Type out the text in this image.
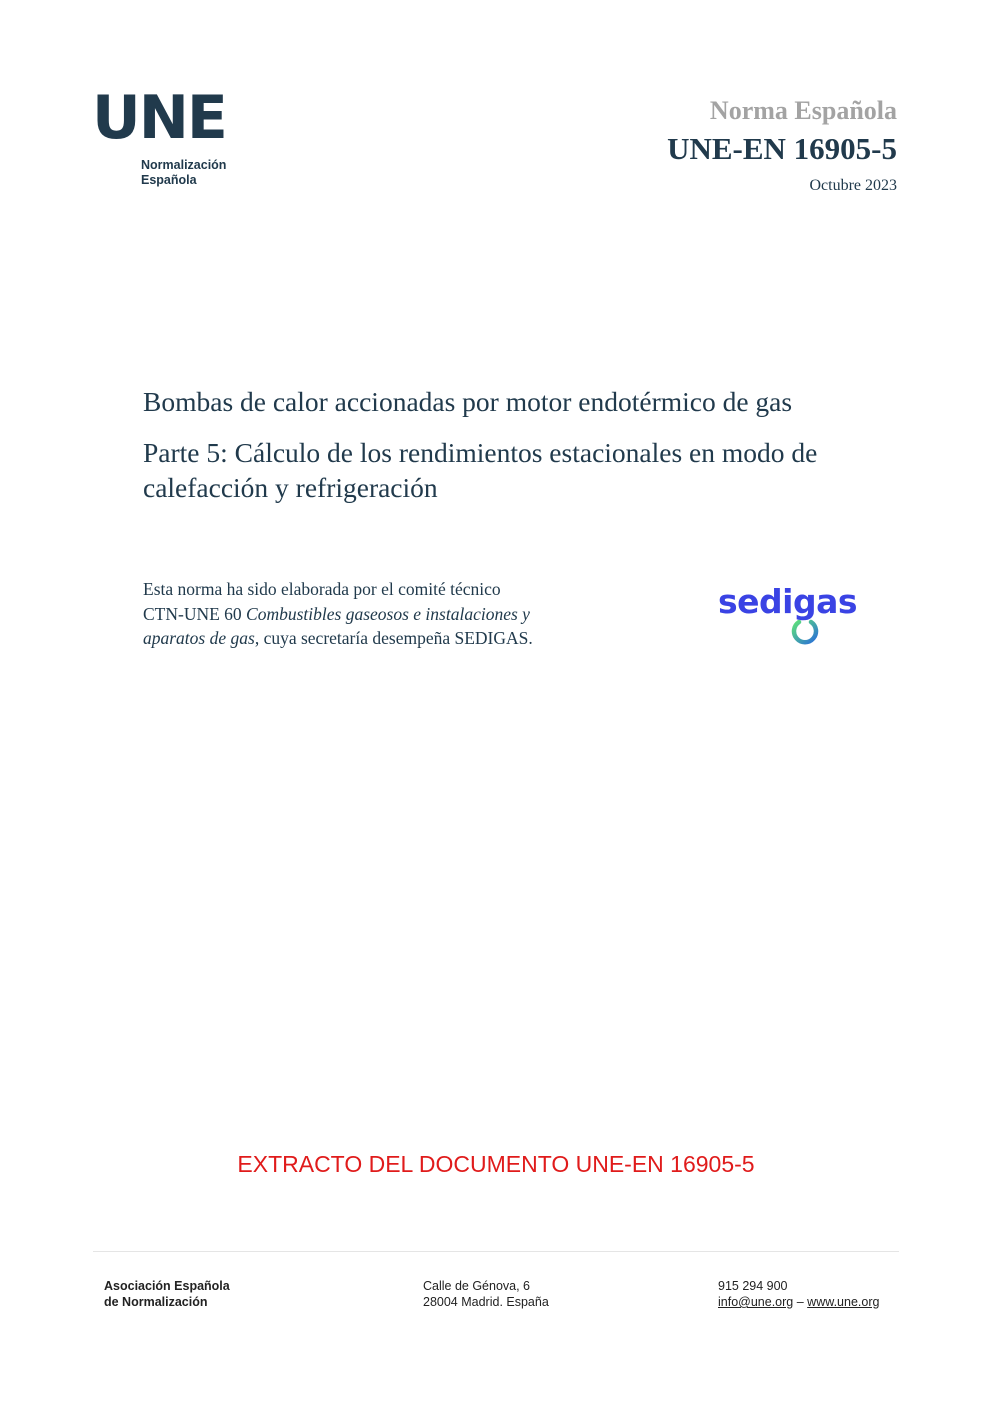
UNE
Normalización
Española
Norma Española
UNE-EN 16905-5
Octubre 2023
Bombas de calor accionadas por motor endotérmico de gas
Parte 5: Cálculo de los rendimientos estacionales en modo de calefacción y refrigeración
Esta norma ha sido elaborada por el comité técnico
CTN-UNE 60 Combustibles gaseosos e instalaciones y
aparatos de gas, cuya secretaría desempeña SEDIGAS.
sedigas
EXTRACTO DEL DOCUMENTO UNE-EN 16905-5
Asociación Española
de Normalización
Calle de Génova, 6
28004 Madrid. España
915 294 900
info@une.org – www.une.org
